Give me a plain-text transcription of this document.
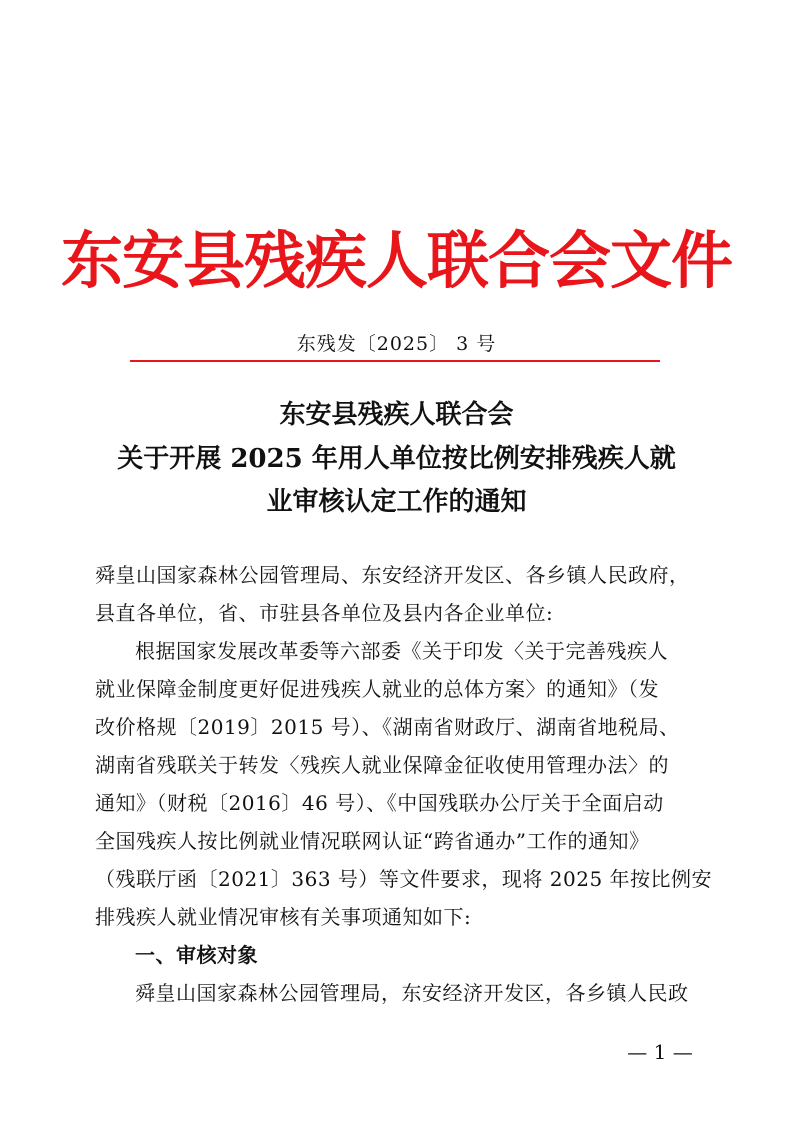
东安县残疾人联合会文件
东残发〔2025〕 3 号
东安县残疾人联合会
关于开展 2025 年用人单位按比例安排残疾人就
业审核认定工作的通知
舜皇山国家森林公园管理局、东安经济开发区、各乡镇人民政府，
县直各单位，省、市驻县各单位及县内各企业单位:
根据国家发展改革委等六部委《关于印发〈关于完善残疾人
就业保障金制度更好促进残疾人就业的总体方案〉的通知》（发
改价格规〔2019〕2015 号）、《湖南省财政厅、湖南省地税局、
湖南省残联关于转发〈残疾人就业保障金征收使用管理办法〉的
通知》（财税〔2016〕46 号）、《中国残联办公厅关于全面启动
全国残疾人按比例就业情况联网认证“跨省通办”工作的通知》
（残联厅函〔2021〕363 号）等文件要求，现将 2025 年按比例安
排残疾人就业情况审核有关事项通知如下:
一、审核对象
舜皇山国家森林公园管理局，东安经济开发区，各乡镇人民政
— 1 —
